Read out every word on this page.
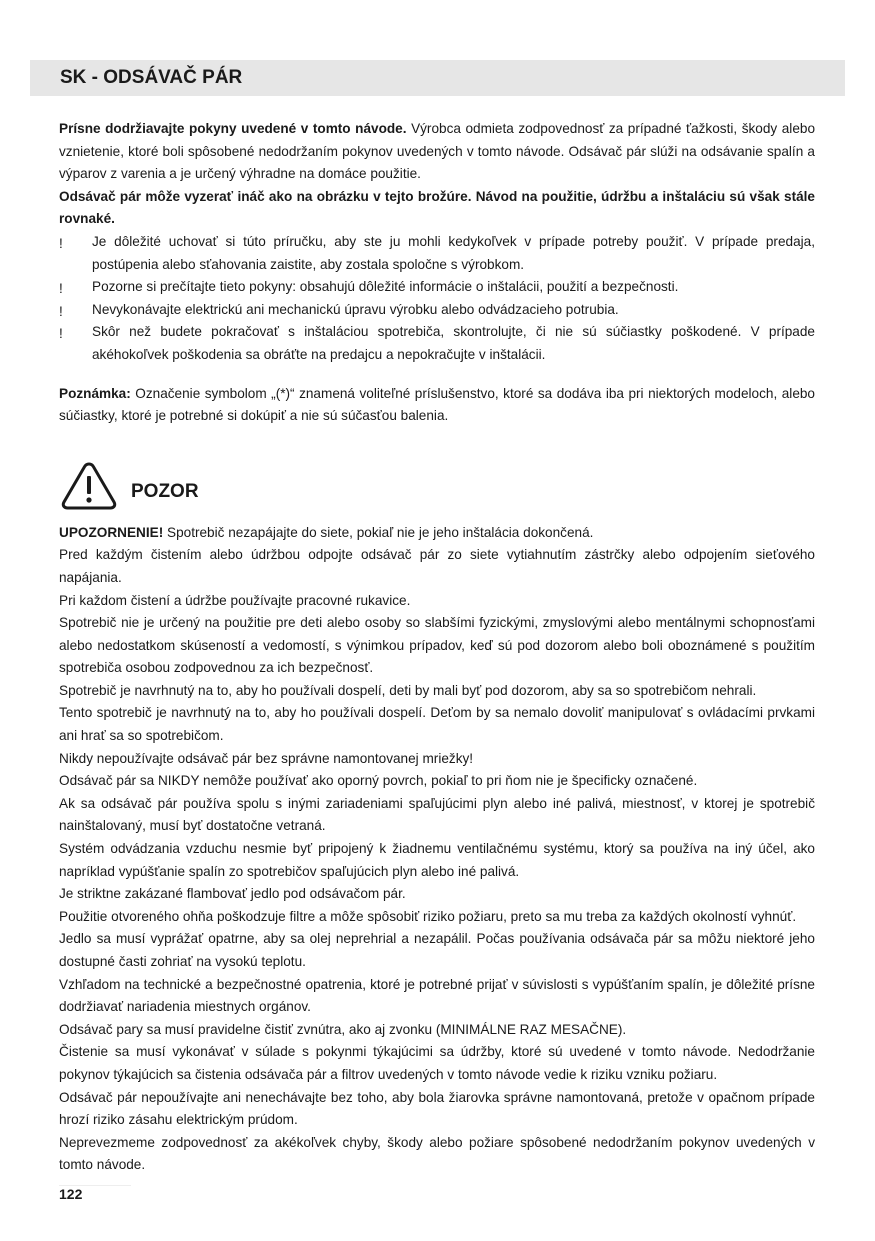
SK - ODSÁVAČ PÁR

Prísne dodržiavajte pokyny uvedené v tomto návode. Výrobca odmieta zodpovednosť za prípadné ťažkosti, škody alebo vznietenie, ktoré boli spôsobené nedodržaním pokynov uvedených v tomto návode. Odsávač pár slúži na odsávanie spalín a výparov z varenia a je určený výhradne na domáce použitie.

Odsávač pár môže vyzerať ináč ako na obrázku v tejto brožúre. Návod na použitie, údržbu a inštaláciu sú však stále rovnaké.

! Je dôležité uchovať si túto príručku, aby ste ju mohli kedykoľvek v prípade potreby použiť. V prípade predaja, postúpenia alebo sťahovania zaistite, aby zostala spoločne s výrobkom.
! Pozorne si prečítajte tieto pokyny: obsahujú dôležité informácie o inštalácii, použití a bezpečnosti.
! Nevykonávajte elektrickú ani mechanickú úpravu výrobku alebo odvádzacieho potrubia.
! Skôr než budete pokračovať s inštaláciou spotrebiča, skontrolujte, či nie sú súčiastky poškodené. V prípade akéhokoľvek poškodenia sa obráťte na predajcu a nepokračujte v inštalácii.

Poznámka: Označenie symbolom „(*)“ znamená voliteľné príslušenstvo, ktoré sa dodáva iba pri niektorých modeloch, alebo súčiastky, ktoré je potrebné si dokúpiť a nie sú súčasťou balenia.

POZOR

UPOZORNENIE! Spotrebič nezapájajte do siete, pokiaľ nie je jeho inštalácia dokončená.

Pred každým čistením alebo údržbou odpojte odsávač pár zo siete vytiahnutím zástrčky alebo odpojením sieťového napájania.

Pri každom čistení a údržbe používajte pracovné rukavice.

Spotrebič nie je určený na použitie pre deti alebo osoby so slabšími fyzickými, zmyslovými alebo mentálnymi schopnosťami alebo nedostatkom skúseností a vedomostí, s výnimkou prípadov, keď sú pod dozorom alebo boli oboznámené s použitím spotrebiča osobou zodpovednou za ich bezpečnosť.

Spotrebič je navrhnutý na to, aby ho používali dospelí, deti by mali byť pod dozorom, aby sa so spotrebičom nehrali.

Tento spotrebič je navrhnutý na to, aby ho používali dospelí. Deťom by sa nemalo dovoliť manipulovať s ovládacími prvkami ani hrať sa so spotrebičom.

Nikdy nepoužívajte odsávač pár bez správne namontovanej mriežky!

Odsávač pár sa NIKDY nemôže používať ako oporný povrch, pokiaľ to pri ňom nie je špecificky označené.

Ak sa odsávač pár používa spolu s inými zariadeniami spaľujúcimi plyn alebo iné palivá, miestnosť, v ktorej je spotrebič nainštalovaný, musí byť dostatočne vetraná.

Systém odvádzania vzduchu nesmie byť pripojený k žiadnemu ventilačnému systému, ktorý sa používa na iný účel, ako napríklad vypúšťanie spalín zo spotrebičov spaľujúcich plyn alebo iné palivá.

Je striktne zakázané flambovať jedlo pod odsávačom pár.

Použitie otvoreného ohňa poškodzuje filtre a môže spôsobiť riziko požiaru, preto sa mu treba za každých okolností vyhnúť.

Jedlo sa musí vyprážať opatrne, aby sa olej neprehrial a nezapálil. Počas používania odsávača pár sa môžu niektoré jeho dostupné časti zohriať na vysokú teplotu.

Vzhľadom na technické a bezpečnostné opatrenia, ktoré je potrebné prijať v súvislosti s vypúšťaním spalín, je dôležité prísne dodržiavať nariadenia miestnych orgánov.

Odsávač pary sa musí pravidelne čistiť zvnútra, ako aj zvonku (MINIMÁLNE RAZ MESAČNE).

Čistenie sa musí vykonávať v súlade s pokynmi týkajúcimi sa údržby, ktoré sú uvedené v tomto návode. Nedodržanie pokynov týkajúcich sa čistenia odsávača pár a filtrov uvedených v tomto návode vedie k riziku vzniku požiaru.

Odsávač pár nepoužívajte ani nenechávajte bez toho, aby bola žiarovka správne namontovaná, pretože v opačnom prípade hrozí riziko zásahu elektrickým prúdom.

Neprevezmeme zodpovednosť za akékoľvek chyby, škody alebo požiare spôsobené nedodržaním pokynov uvedených v tomto návode.

122
